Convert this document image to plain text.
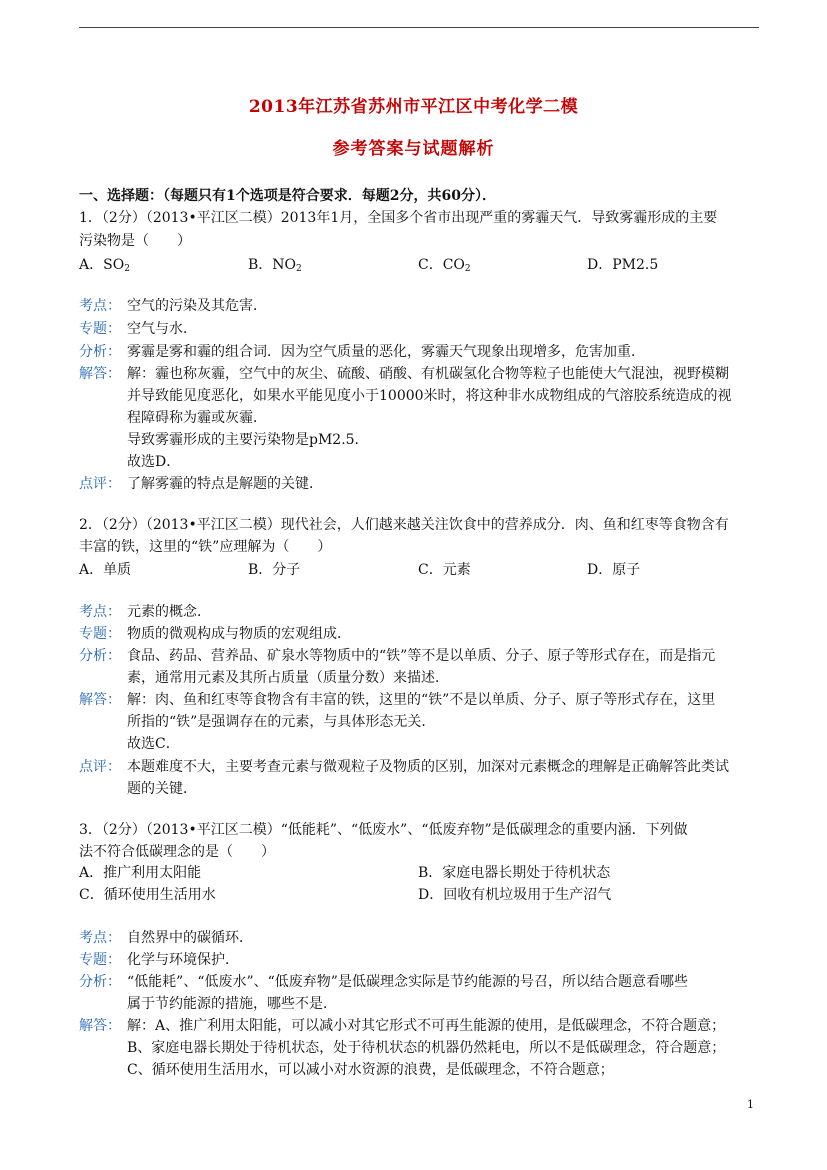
2013年江苏省苏州市平江区中考化学二模
参考答案与试题解析
一、选择题：（每题只有1个选项是符合要求．每题2分，共60分）．
1．（2分）（2013•平江区二模）2013年1月，全国多个省市出现严重的雾霾天气．导致雾霾形成的主要
污染物是（　　）
A．$SO_2$	B．$NO_2$	C．$CO_2$	D．PM2.5
考点： 空气的污染及其危害．
专题： 空气与水．
分析： 雾霾是雾和霾的组合词．因为空气质量的恶化，雾霾天气现象出现增多，危害加重．
解答： 解：霾也称灰霾，空气中的灰尘、硫酸、硝酸、有机碳氢化合物等粒子也能使大气混浊，视野模糊
并导致能见度恶化，如果水平能见度小于10000米时，将这种非水成物组成的气溶胶系统造成的视
程障碍称为霾或灰霾．
导致雾霾形成的主要污染物是pM2.5．
故选D．
点评： 了解雾霾的特点是解题的关键．
2．（2分）（2013•平江区二模）现代社会，人们越来越关注饮食中的营养成分．肉、鱼和红枣等食物含有
丰富的铁，这里的“铁”应理解为（　　）
A．单质	B．分子	C．元素	D．原子
考点： 元素的概念．
专题： 物质的微观构成与物质的宏观组成．
分析： 食品、药品、营养品、矿泉水等物质中的“铁”等不是以单质、分子、原子等形式存在，而是指元
素，通常用元素及其所占质量（质量分数）来描述．
解答： 解：肉、鱼和红枣等食物含有丰富的铁，这里的“铁”不是以单质、分子、原子等形式存在，这里
所指的“铁”是强调存在的元素，与具体形态无关．
故选C．
点评： 本题难度不大，主要考查元素与微观粒子及物质的区别，加深对元素概念的理解是正确解答此类试
题的关键．
3．（2分）（2013•平江区二模）“低能耗”、“低废水”、“低废弃物”是低碳理念的重要内涵．下列做
法不符合低碳理念的是（　　）
A．推广利用太阳能	B．家庭电器长期处于待机状态
C．循环使用生活用水	D．回收有机垃圾用于生产沼气
考点： 自然界中的碳循环．
专题： 化学与环境保护．
分析： “低能耗”、“低废水”、“低废弃物”是低碳理念实际是节约能源的号召，所以结合题意看哪些
属于节约能源的措施，哪些不是．
解答： 解：A、推广利用太阳能，可以减小对其它形式不可再生能源的使用，是低碳理念，不符合题意；
B、家庭电器长期处于待机状态，处于待机状态的机器仍然耗电，所以不是低碳理念，符合题意；
C、循环使用生活用水，可以减小对水资源的浪费，是低碳理念，不符合题意；
1
